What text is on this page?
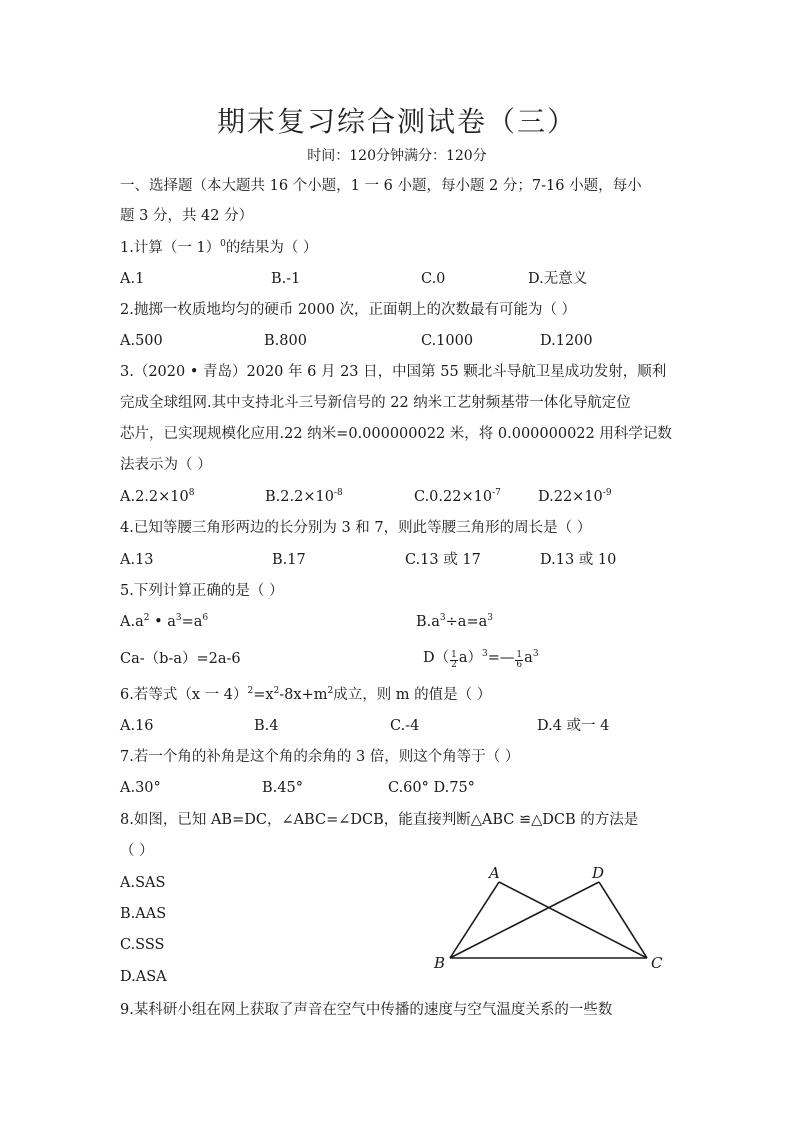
期末复习综合测试卷（三）
时间：120分钟满分：120分
一、选择题（本大题共 16 个小题，1 一 6 小题，每小题 2 分；7-16 小题，每小
题 3 分，共 42 分）
1.计算（一 1）$^0$的结果为（ ）
A.1	B.-1	C.0	D.无意义
2.抛掷一枚质地均匀的硬币 2000 次，正面朝上的次数最有可能为（ ）
A.500	B.800	C.1000	D.1200
3.（2020 • 青岛）2020 年 6 月 23 日，中国第 55 颗北斗导航卫星成功发射，顺利
完成全球组网.其中支持北斗三号新信号的 22 纳米工艺射频基带一体化导航定位
芯片，已实现规模化应用.22 纳米=0.000000022 米，将 0.000000022 用科学记数
法表示为（ ）
$A.2.2\times 10^8$	$B.2.2\times 10^{-8}$	$C.0.22\times 10^{-7}$	$D.22\times 10^{-9}$
4.已知等腰三角形两边的长分别为 3 和 7，则此等腰三角形的周长是（ ）
A.13	B.17	C.13 或 17	D.13 或 10
5.下列计算正确的是（ ）
$A.a^2$ • $a^3=a^6$	$B.a^3\div a=a^3$
Ca-（b-a）=2a-6	$D( \frac{1}{2}$ a）$^3$=— $\frac{1}{6} a^3$
6.若等式（x 一 $4)^2=x^2-8x+m^2$成立，则 m 的值是（ ）
A.16	B.4	C.-4	D.4 或一 4
7.若一个角的补角是这个角的余角的 3 倍，则这个角等于（ ）
A.30°	B.45°	C.60° D.75°
8.如图，已知 AB=DC，∠ABC=∠DCB，能直接判断△ABC ≌△DCB 的方法是
（ ）
A.SAS
B.AAS
C.SSS
D.ASA
A	D
B	C
9.某科研小组在网上获取了声音在空气中传播的速度与空气温度关系的一些数
